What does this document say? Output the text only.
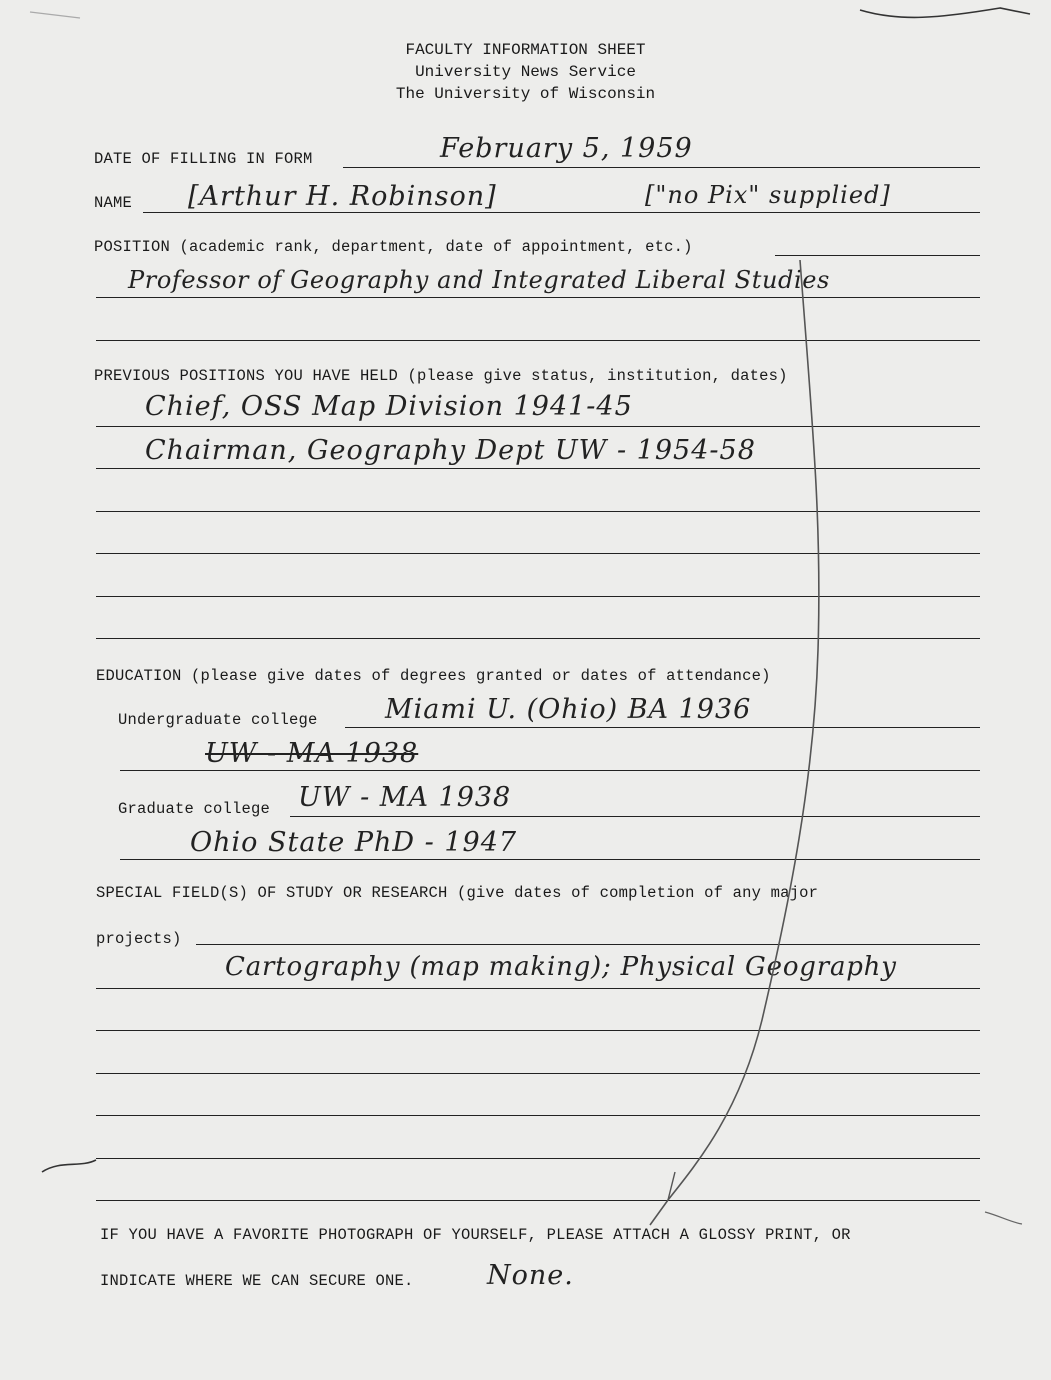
FACULTY INFORMATION SHEET
University News Service
The University of Wisconsin
DATE OF FILLING IN FORM	February 5, 1959
NAME [Arthur H. Robinson]	["no Pix" supplied]
POSITION (academic rank, department, date of appointment, etc.)
Professor of Geography and Integrated Liberal Studies
PREVIOUS POSITIONS YOU HAVE HELD (please give status, institution, dates)
Chief, OSS Map Division 1941-45
Chairman, Geography Dept UW - 1954-58
EDUCATION (please give dates of degrees granted or dates of attendance)
Undergraduate college Miami U. (Ohio) BA 1936
UW - MA 1938
Graduate college UW - MA 1938
Ohio State PhD - 1947
SPECIAL FIELD(S) OF STUDY OR RESEARCH (give dates of completion of any major
projects)
Cartography (map making); Physical Geography
IF YOU HAVE A FAVORITE PHOTOGRAPH OF YOURSELF, PLEASE ATTACH A GLOSSY PRINT, OR
INDICATE WHERE WE CAN SECURE ONE.	None.
